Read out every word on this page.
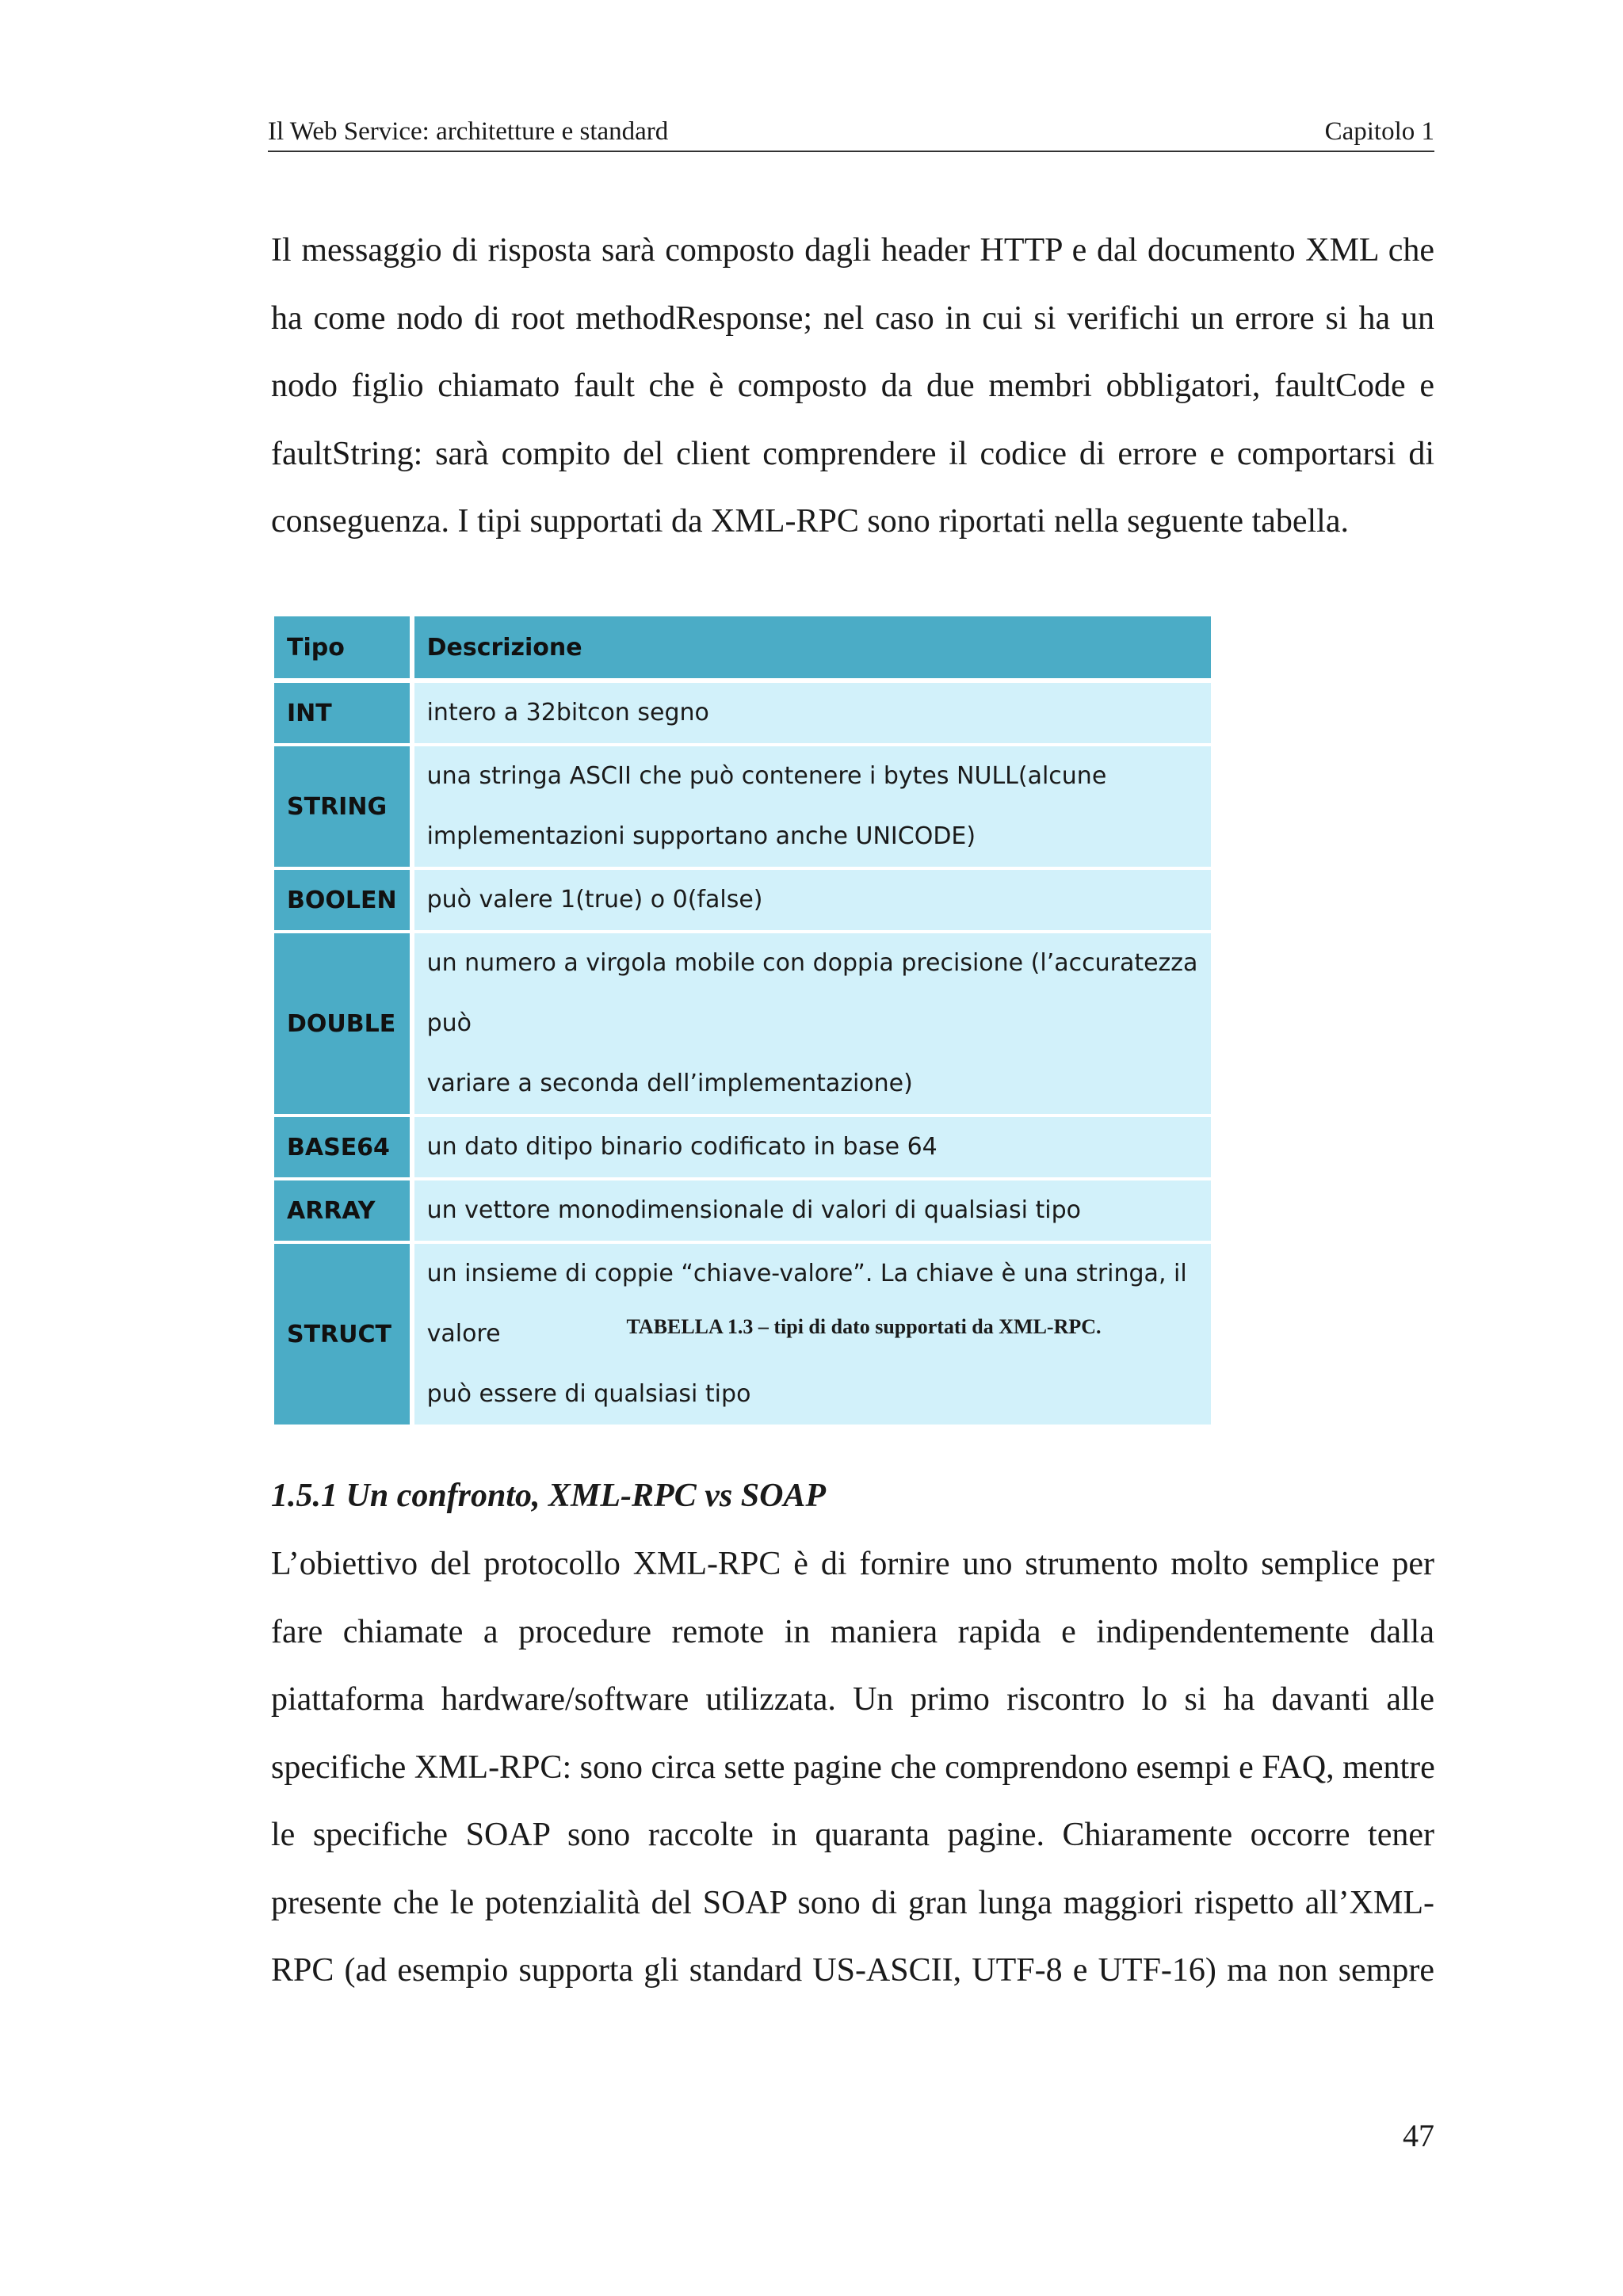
Il Web Service: architetture e standard	Capitolo 1
Il messaggio di risposta sarà composto dagli header HTTP e dal documento XML che
ha come nodo di root methodResponse; nel caso in cui si verifichi un errore si ha un
nodo figlio chiamato fault che è composto da due membri obbligatori, faultCode e
faultString: sarà compito del client comprendere il codice di errore e comportarsi di
conseguenza. I tipi supportati da XML-RPC sono riportati nella seguente tabella.
Tipo	Descrizione
INT	intero a 32bitcon segno
STRING	una stringa ASCII che può contenere i bytes NULL(alcune
implementazioni supportano anche UNICODE)
BOOLEN	può valere 1(true) o 0(false)
DOUBLE	un numero a virgola mobile con doppia precisione (l’accuratezza può
variare a seconda dell’implementazione)
BASE64	un dato ditipo binario codificato in base 64
ARRAY	un vettore monodimensionale di valori di qualsiasi tipo
STRUCT	un insieme di coppie “chiave-valore”. La chiave è una stringa, il valore
può essere di qualsiasi tipo
TABELLA 1.3 – tipi di dato supportati da XML-RPC.
1.5.1 Un confronto, XML-RPC vs SOAP
L’obiettivo del protocollo XML-RPC è di fornire uno strumento molto semplice per
fare chiamate a procedure remote in maniera rapida e indipendentemente dalla
piattaforma hardware/software utilizzata. Un primo riscontro lo si ha davanti alle
specifiche XML-RPC: sono circa sette pagine che comprendono esempi e FAQ, mentre
le specifiche SOAP sono raccolte in quaranta pagine. Chiaramente occorre tener
presente che le potenzialità del SOAP sono di gran lunga maggiori rispetto all’XML-
RPC (ad esempio supporta gli standard US-ASCII, UTF-8 e UTF-16) ma non sempre
47
